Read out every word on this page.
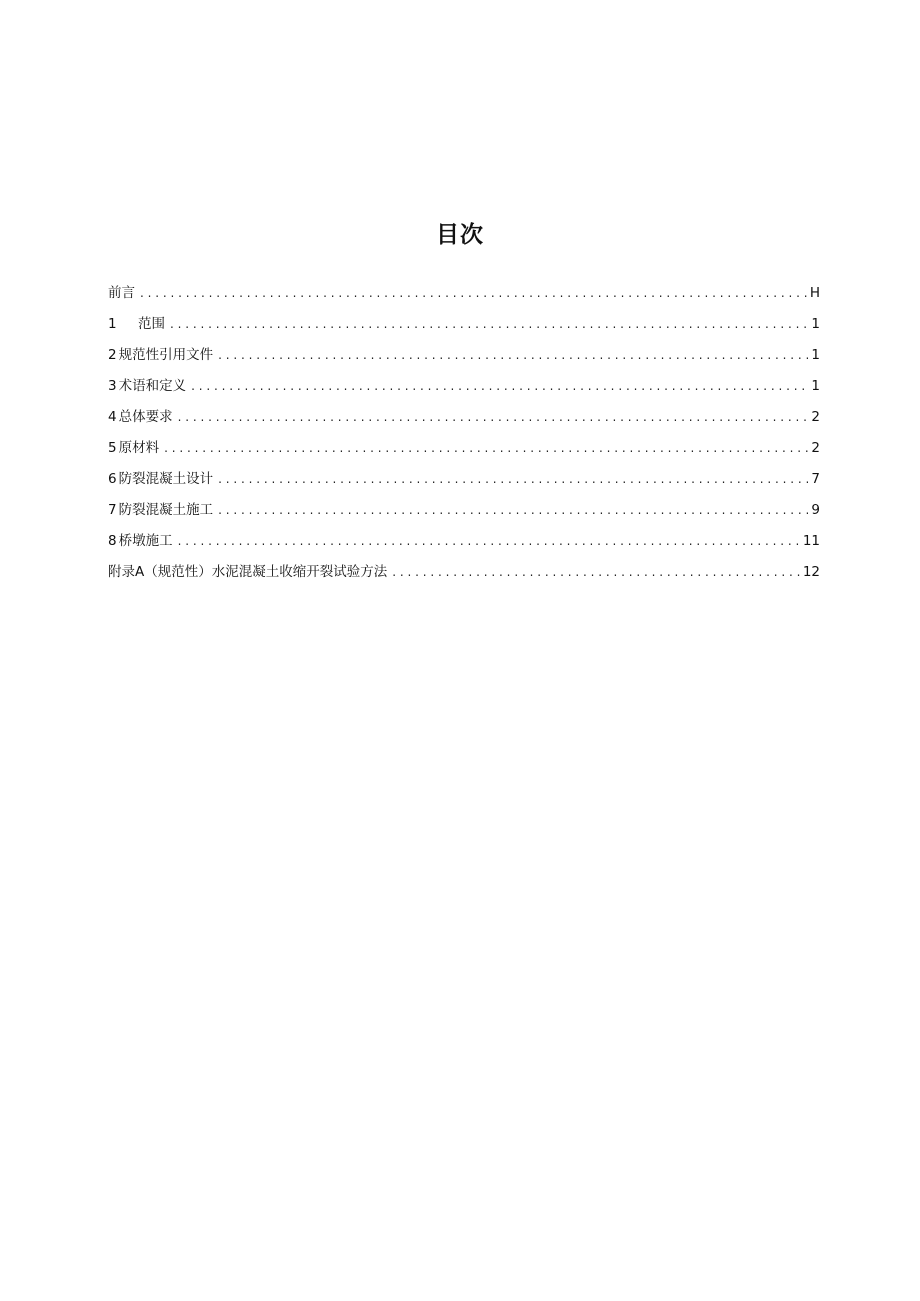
目次
前言 . . .	H
1 范围 . . .	1
2 规范性引用文件 . . .	1
3 术语和定义 . . .	1
4 总体要求 . . .	2
5 原材料 . . .	2
6 防裂混凝土设计 . . .	7
7 防裂混凝土施工 . . .	9
8 桥墩施工 . . .	11
附录A（规范性）水泥混凝土收缩开裂试验方法 . . .	12
